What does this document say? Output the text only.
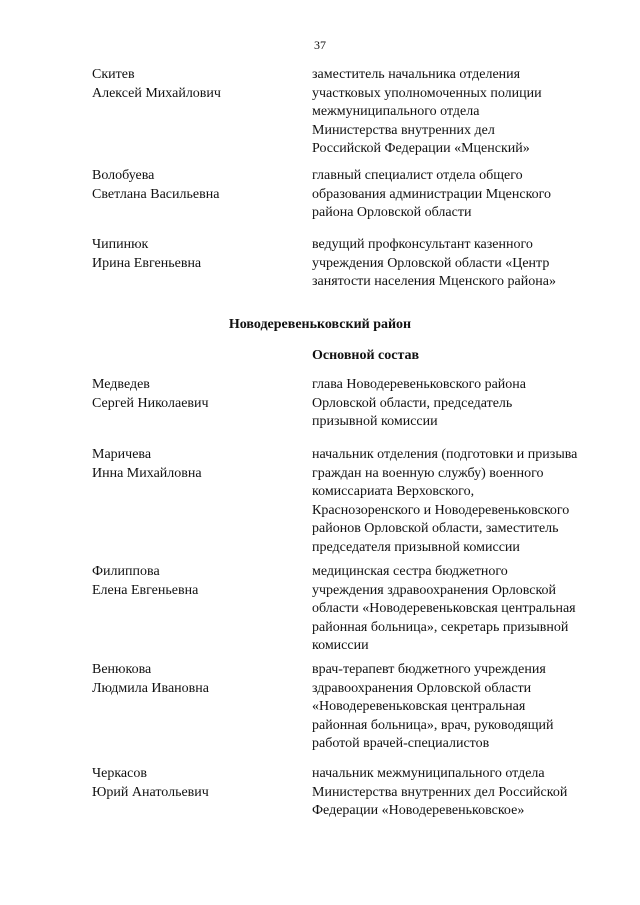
37
Скитев
Алексей Михайлович
заместитель начальника отделения
участковых уполномоченных полиции
межмуниципального отдела
Министерства внутренних дел
Российской Федерации «Мценский»
Волобуева
Светлана Васильевна
главный специалист отдела общего
образования администрации Мценского
района Орловской области
Чипинюк
Ирина Евгеньевна
ведущий профконсультант казенного
учреждения Орловской области «Центр
занятости населения Мценского района»
Новодеревеньковский район
Основной состав
Медведев
Сергей Николаевич
глава Новодеревеньковского района
Орловской области, председатель
призывной комиссии
Маричева
Инна Михайловна
начальник отделения (подготовки и призыва
граждан на военную службу) военного
комиссариата Верховского,
Краснозоренского и Новодеревеньковского
районов Орловской области, заместитель
председателя призывной комиссии
Филиппова
Елена Евгеньевна
медицинская сестра бюджетного
учреждения здравоохранения Орловской
области «Новодеревеньковская центральная
районная больница», секретарь призывной
комиссии
Венюкова
Людмила Ивановна
врач-терапевт бюджетного учреждения
здравоохранения Орловской области
«Новодеревеньковская центральная
районная больница», врач, руководящий
работой врачей-специалистов
Черкасов
Юрий Анатольевич
начальник межмуниципального отдела
Министерства внутренних дел Российской
Федерации «Новодеревеньковское»
